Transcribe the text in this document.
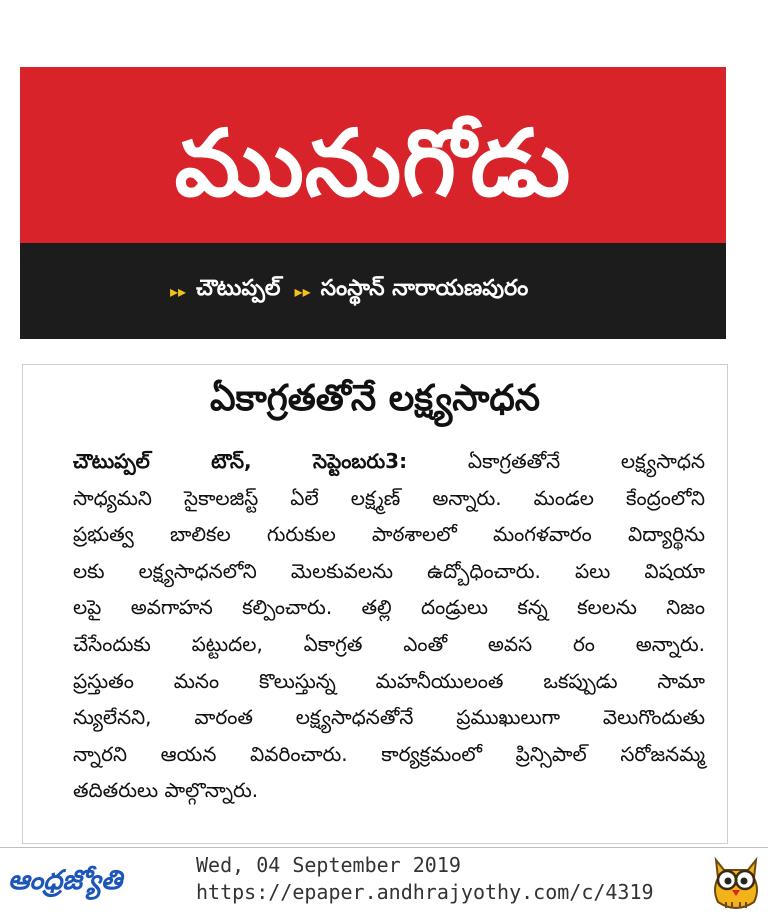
మునుగోడు
▸▸ చౌటుప్పల్ ▸▸ సంస్థాన్ నారాయణపురం
ఏకాగ్రతతోనే లక్ష్యసాధన
చౌటుప్పల్ టౌన్, సెప్టెంబరు3:	ఏకాగ్రతతోనే లక్ష్యసాధన
సాధ్యమని సైకాలజిస్ట్ ఏలే లక్ష్మణ్ అన్నారు. మండల కేంద్రంలోని
ప్రభుత్వ బాలికల గురుకుల పాఠశాలలో మంగళవారం విద్యార్థిను
లకు లక్ష్యసాధనలోని మెలకువలను ఉద్బోధించారు. పలు విషయా
లపై అవగాహన కల్పించారు. తల్లి దండ్రులు కన్న కలలను నిజం
చేసేందుకు పట్టుదల, ఏకాగ్రత ఎంతో అవస రం అన్నారు.
ప్రస్తుతం మనం కొలుస్తున్న మహనీయులంత ఒకప్పుడు సామా
న్యులేనని, వారంత లక్ష్యసాధనతోనే ప్రముఖులుగా వెలుగొందుతు
న్నారని ఆయన వివరించారు. కార్యక్రమంలో ప్రిన్సిపాల్ సరోజనమ్మ
తదితరులు పాల్గొన్నారు.
ఆంధ్రజ్యోతి	Wed, 04 September 2019
https://epaper.andhrajyothy.com/c/4319
